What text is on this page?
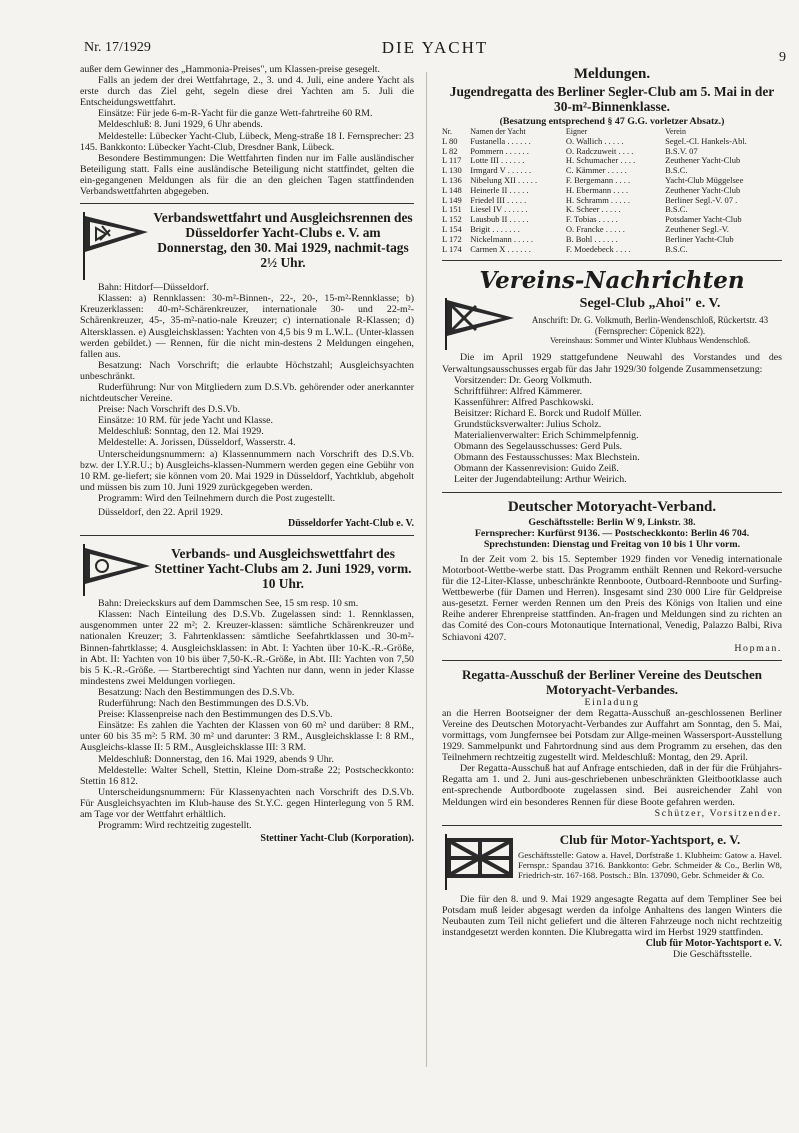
Nr. 17/1929	DIE YACHT
9

außer dem Gewinner des „Hammonia-Preises", um Klassen-preise gesegelt.

Falls an jedem der drei Wettfahrtage, 2., 3. und 4. Juli, eine andere Yacht als erste durch das Ziel geht, segeln diese drei Yachten am 5. Juli die Entscheidungswettfahrt.

Einsätze: Für jede 6-m-R-Yacht für die ganze Wett-fahrtreihe 60 RM.

Meldeschluß: 8. Juni 1929, 6 Uhr abends.

Meldestelle: Lübecker Yacht-Club, Lübeck, Meng-straße 18 I. Fernsprecher: 23 145. Bankkonto: Lübecker Yacht-Club, Dresdner Bank, Lübeck.

Besondere Bestimmungen: Die Wettfahrten finden nur im Falle ausländischer Beteiligung statt. Falls eine ausländische Beteiligung nicht stattfindet, gelten die ein-gegangenen Meldungen als für die an den gleichen Tagen stattfindenden Verbandswettfahrten abgegeben.

Verbandswettfahrt und Ausgleichsrennen des Düsseldorfer Yacht-Clubs e. V. am Donnerstag, den 30. Mai 1929, nachmit-tags 2½ Uhr.

Bahn: Hitdorf—Düsseldorf.

Klassen: a) Rennklassen: 30-m²-Binnen-, 22-, 20-, 15-m²-Rennklasse; b) Kreuzerklassen: 40-m²-Schärenkreuzer, internationale 30- und 22-m²-Schärenkreuzer, 45-, 35-m²-natio-nale Kreuzer; c) internationale R-Klassen; d) Altersklassen. e) Ausgleichsklassen: Yachten von 4,5 bis 9 m L.W.L. (Unter-klassen werden gebildet.) — Rennen, für die nicht min-destens 2 Meldungen eingehen, fallen aus.

Besatzung: Nach Vorschrift; die erlaubte Höchstzahl; Ausgleichsyachten unbeschränkt.

Ruderführung: Nur von Mitgliedern zum D.S.Vb. gehörender oder anerkannter nichtdeutscher Vereine.

Preise: Nach Vorschrift des D.S.Vb.

Einsätze: 10 RM. für jede Yacht und Klasse.

Meldeschluß: Sonntag, den 12. Mai 1929.

Meldestelle: A. Jorissen, Düsseldorf, Wasserstr. 4.

Unterscheidungsnummern: a) Klassennummern nach Vorschrift des D.S.Vb. bzw. der I.Y.R.U.; b) Ausgleichs-klassen-Nummern werden gegen eine Gebühr von 10 RM. ge-liefert; sie können vom 20. Mai 1929 in Düsseldorf, Yachtklub, abgeholt und müssen bis zum 10. Juni 1929 zurückgegeben werden.

Programm: Wird den Teilnehmern durch die Post zugestellt.

Düsseldorf, den 22. April 1929.

Düsseldorfer Yacht-Club e. V.

Verbands- und Ausgleichswettfahrt des Stettiner Yacht-Clubs am 2. Juni 1929, vorm. 10 Uhr.

Bahn: Dreieckskurs auf dem Dammschen See, 15 sm resp. 10 sm.

Klassen: Nach Einteilung des D.S.Vb. Zugelassen sind: 1. Rennklassen, ausgenommen unter 22 m²; 2. Kreuzer-klassen: sämtliche Schärenkreuzer und nationalen Kreuzer; 3. Fahrtenklassen: sämtliche Seefahrtklassen und 30-m²-Binnen-fahrtklasse; 4. Ausgleichsklassen: in Abt. I: Yachten über 10-K.-R.-Größe, in Abt. II: Yachten von 10 bis über 7,50-K.-R.-Größe, in Abt. III: Yachten von 7,50 bis 5 K.-R.-Größe. — Startberechtigt sind Yachten nur dann, wenn in jeder Klasse mindestens zwei Meldungen vorliegen.

Besatzung: Nach den Bestimmungen des D.S.Vb.

Ruderführung: Nach den Bestimmungen des D.S.Vb.

Preise: Klassenpreise nach den Bestimmungen des D.S.Vb.

Einsätze: Es zahlen die Yachten der Klassen von 60 m² und darüber: 8 RM., unter 60 bis 35 m²: 5 RM. 30 m² und darunter: 3 RM., Ausgleichsklasse I: 8 RM., Ausgleichs-klasse II: 5 RM., Ausgleichsklasse III: 3 RM.

Meldeschluß: Donnerstag, den 16. Mai 1929, abends 9 Uhr.

Meldestelle: Walter Schell, Stettin, Kleine Dom-straße 22; Postscheckkonto: Stettin 16 812.

Unterscheidungsnummern: Für Klassenyachten nach Vorschrift des D.S.Vb. Für Ausgleichsyachten im Klub-hause des St.Y.C. gegen Hinterlegung von 5 RM. am Tage vor der Wettfahrt erhältlich.

Programm: Wird rechtzeitig zugestellt.

Stettiner Yacht-Club (Korporation).

Meldungen.
Jugendregatta des Berliner Segler-Club am 5. Mai in der 30-m²-Binnenklasse.

(Besatzung entsprechend § 47 G.G. vorletzer Absatz.)

Nr.	Namen der Yacht	Eigner	Verein
L 80	Fustanella . . . . . .	O. Wallich . . . . .	Segel.-Cl. Hankels-Abl.
L 82	Pommern . . . . . .	O. Radczuweit . . . .	B.S.V. 07
L 117	Lotte III . . . . . .	H. Schumacher . . . .	Zeuthener Yacht-Club
L 130	Irmgard V . . . . . .	C. Kämmer . . . . .	B.S.C.
L 136	Nibelung XII . . . . .	F. Bergemann . . . .	Yacht-Club Müggelsee
L 148	Heinerle II . . . . .	H. Ebermann . . . .	Zeuthener Yacht-Club
L 149	Friedel III . . . . .	H. Schramm . . . . .	Berliner Segl.-V. 07 .
L 151	Liesel IV . . . . . .	K. Scheer . . . . .	B.S.C.
L 152	Lausbub II . . . . .	F. Tobias . . . . .	Potsdamer Yacht-Club
L 154	Brigit . . . . . . .	O. Francke . . . . .	Zeuthener Segl.-V.
L 172	Nickelmann . . . . .	B. Bohl . . . . . .	Berliner Yacht-Club
L 174	Carmen X . . . . . .	F. Moedebeck . . . .	B.S.C.
Vereins-Nachrichten
Segel-Club „Ahoi" e. V.

Anschrift: Dr. G. Volkmuth, Berlin-Wendenschloß, Rückertstr. 43 (Fernsprecher: Cöpenick 822).

Vereinshaus: Sommer und Winter Klubhaus Wendenschloß.

Die im April 1929 stattgefundene Neuwahl des Vorstandes und des Verwaltungsausschusses ergab für das Jahr 1929/30 folgende Zusammensetzung:

Vorsitzender: Dr. Georg Volkmuth.
Schriftführer: Alfred Kämmerer.
Kassenführer: Alfred Paschkowski.
Beisitzer: Richard E. Borck und Rudolf Müller.
Grundstücksverwalter: Julius Scholz.
Materialienverwalter: Erich Schimmelpfennig.
Obmann des Segelausschusses: Gerd Puls.
Obmann des Festausschusses: Max Blechstein.
Obmann der Kassenrevision: Guido Zeiß.
Leiter der Jugendabteilung: Arthur Weirich.
Deutscher Motoryacht-Verband.

Geschäftsstelle: Berlin W 9, Linkstr. 38.

Fernsprecher: Kurfürst 9136. — Postscheckkonto: Berlin 46 704.

Sprechstunden: Dienstag und Freitag von 10 bis 1 Uhr vorm.

In der Zeit vom 2. bis 15. September 1929 finden vor Venedig internationale Motorboot-Wettbe-werbe statt. Das Programm enthält Rennen und Rekord-versuche für die 12-Liter-Klasse, unbeschränkte Rennboote, Outboard-Rennboote und Surfing-Wettbewerbe (für Damen und Herren). Insgesamt sind 230 000 Lire für Geldpreise aus-gesetzt. Ferner werden Rennen um den Preis des Königs von Italien und eine Reihe anderer Ehrenpreise stattfinden. An-fragen und Meldungen sind zu richten an das Comité des Con-cours Motonautique International, Venedig, Palazzo Balbi, Riva Schiavoni 4207.

Hopman.

Regatta-Ausschuß der Berliner Vereine des Deutschen Motoryacht-Verbandes.

Einladung

an die Herren Bootseigner der dem Regatta-Ausschuß an-geschlossenen Berliner Vereine des Deutschen Motoryacht-Verbandes zur Auffahrt am Sonntag, den 5. Mai, vormittags, vom Jungfernsee bei Potsdam zur Allge-meinen Wassersport-Ausstellung 1929. Sammelpunkt und Fahrtordnung sind aus dem Programm zu ersehen, das den Teilnehmern rechtzeitig zugestellt wird. Meldeschluß: Montag, den 29. April.

Der Regatta-Ausschuß hat auf Anfrage entschieden, daß in der für die Frühjahrs-Regatta am 1. und 2. Juni aus-geschriebenen unbeschränkten Gleitbootklasse auch ent-sprechende Autbordboote zugelassen sind. Bei ausreichender Zahl von Meldungen wird ein besonderes Rennen für diese Boote gefahren werden.

Schützer, Vorsitzender.

Club für Motor-Yachtsport, e. V.

Geschäftsstelle: Gatow a. Havel, Dorfstraße 1. Klubheim: Gatow a. Havel. Fernspr.: Spandau 3716. Bankkonto: Gebr. Schmeider & Co., Berlin W8, Friedrich-str. 167-168. Postsch.: Bln. 137090, Gebr. Schmeider & Co.

Die für den 8. und 9. Mai 1929 angesagte Regatta auf dem Templiner See bei Potsdam muß leider abgesagt werden da infolge Anhaltens des langen Winters die Neubauten zum Teil nicht geliefert und die älteren Fahrzeuge noch nicht rechtzeitig instandgesetzt werden konnten. Die Klubregatta wird im Herbst 1929 stattfinden.

Club für Motor-Yachtsport e. V.

Die Geschäftsstelle.
